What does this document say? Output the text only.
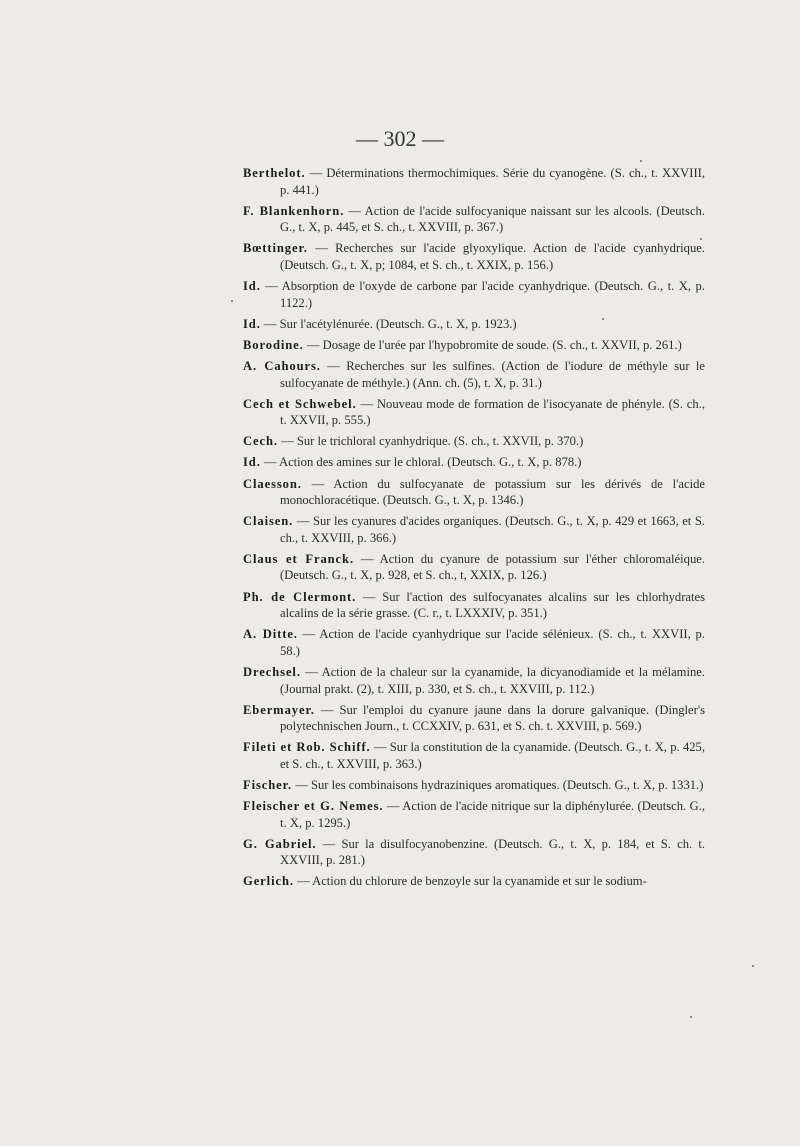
— 302 —

Berthelot. — Déterminations thermochimiques. Série du cyanogène. (S. ch., t. XXVIII, p. 441.)

F. Blankenhorn. — Action de l'acide sulfocyanique naissant sur les alcools. (Deutsch. G., t. X, p. 445, et S. ch., t. XXVIII, p. 367.)

Bœttinger. — Recherches sur l'acide glyoxylique. Action de l'acide cyanhydrique. (Deutsch. G., t. X, p; 1084, et S. ch., t. XXIX, p. 156.)

Id. — Absorption de l'oxyde de carbone par l'acide cyanhydrique. (Deutsch. G., t. X, p. 1122.)

Id. — Sur l'acétylénurée. (Deutsch. G., t. X, p. 1923.)

Borodine. — Dosage de l'urée par l'hypobromite de soude. (S. ch., t. XXVII, p. 261.)

A. Cahours. — Recherches sur les sulfines. (Action de l'iodure de méthyle sur le sulfocyanate de méthyle.) (Ann. ch. (5), t. X, p. 31.)

Cech et Schwebel. — Nouveau mode de formation de l'isocyanate de phényle. (S. ch., t. XXVII, p. 555.)

Cech. — Sur le trichloral cyanhydrique. (S. ch., t. XXVII, p. 370.)

Id. — Action des amines sur le chloral. (Deutsch. G., t. X, p. 878.)

Claesson. — Action du sulfocyanate de potassium sur les dérivés de l'acide monochloracétique. (Deutsch. G., t. X, p. 1346.)

Claisen. — Sur les cyanures d'acides organiques. (Deutsch. G., t. X, p. 429 et 1663, et S. ch., t. XXVIII, p. 366.)

Claus et Franck. — Action du cyanure de potassium sur l'éther chloromaléique. (Deutsch. G., t. X, p. 928, et S. ch., t, XXIX, p. 126.)

Ph. de Clermont. — Sur l'action des sulfocyanates alcalins sur les chlorhydrates alcalins de la série grasse. (C. r., t. LXXXIV, p. 351.)

A. Ditte. — Action de l'acide cyanhydrique sur l'acide sélénieux. (S. ch., t. XXVII, p. 58.)

Drechsel. — Action de la chaleur sur la cyanamide, la dicyanodiamide et la mélamine. (Journal prakt. (2), t. XIII, p. 330, et S. ch., t. XXVIII, p. 112.)

Ebermayer. — Sur l'emploi du cyanure jaune dans la dorure galvanique. (Dingler's polytechnischen Journ., t. CCXXIV, p. 631, et S. ch. t. XXVIII, p. 569.)

Fileti et Rob. Schiff. — Sur la constitution de la cyanamide. (Deutsch. G., t. X, p. 425, et S. ch., t. XXVIII, p. 363.)

Fischer. — Sur les combinaisons hydraziniques aromatiques. (Deutsch. G., t. X, p. 1331.)

Fleischer et G. Nemes. — Action de l'acide nitrique sur la diphénylurée. (Deutsch. G., t. X, p. 1295.)

G. Gabriel. — Sur la disulfocyanobenzine. (Deutsch. G., t. X, p. 184, et S. ch. t. XXVIII, p. 281.)

Gerlich. — Action du chlorure de benzoyle sur la cyanamide et sur le sodium-
